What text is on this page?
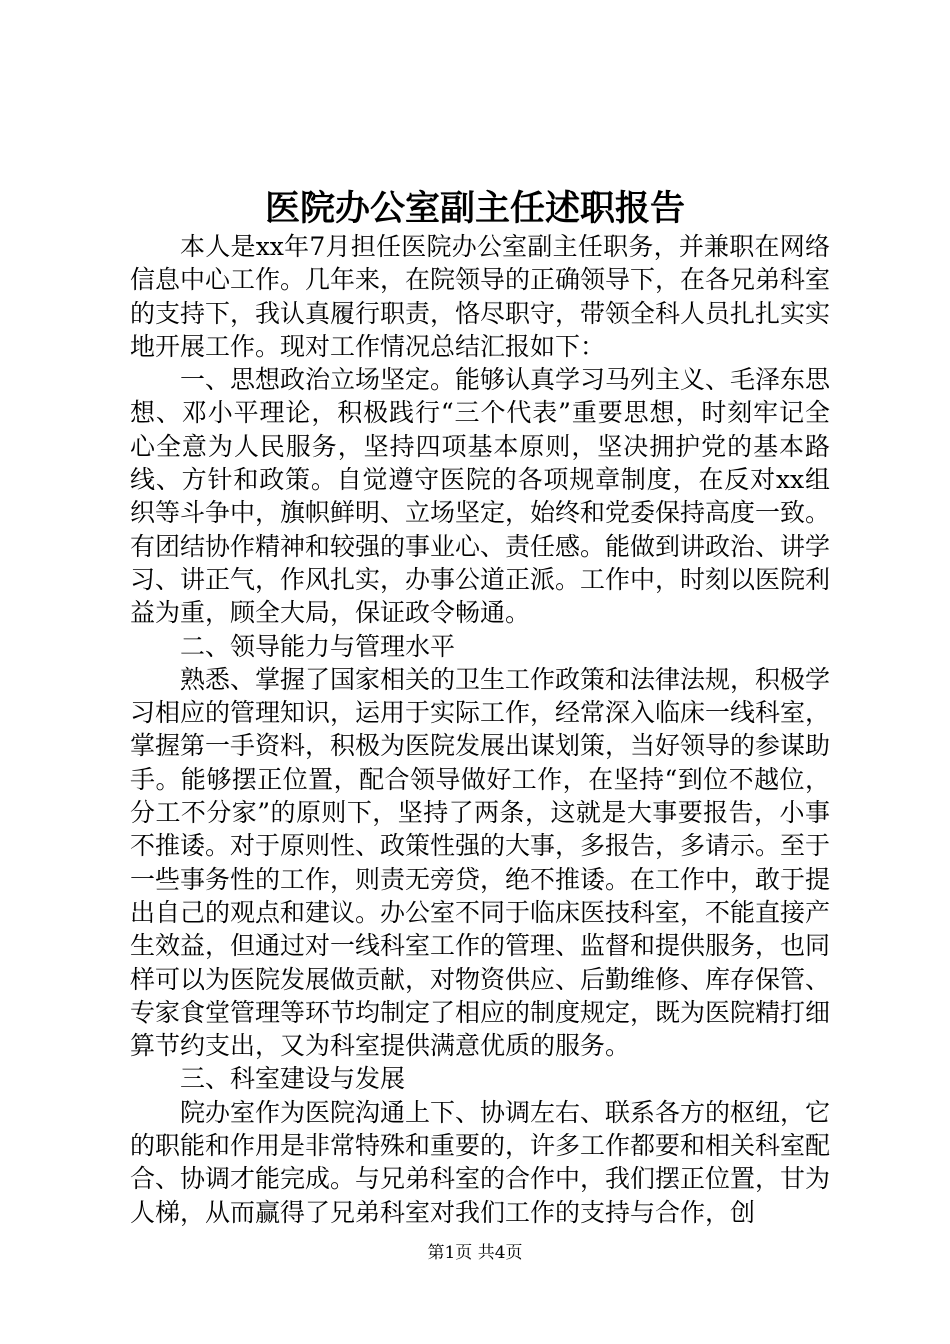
医院办公室副主任述职报告

本人是xx年7月担任医院办公室副主任职务，并兼职在网络信息中心工作。几年来，在院领导的正确领导下，在各兄弟科室的支持下，我认真履行职责，恪尽职守，带领全科人员扎扎实实地开展工作。现对工作情况总结汇报如下：

一、思想政治立场坚定。能够认真学习马列主义、毛泽东思想、邓小平理论，积极践行“三个代表”重要思想，时刻牢记全心全意为人民服务，坚持四项基本原则，坚决拥护党的基本路线、方针和政策。自觉遵守医院的各项规章制度，在反对xx组织等斗争中，旗帜鲜明、立场坚定，始终和党委保持高度一致。有团结协作精神和较强的事业心、责任感。能做到讲政治、讲学习、讲正气，作风扎实，办事公道正派。工作中，时刻以医院利益为重，顾全大局，保证政令畅通。

二、领导能力与管理水平

熟悉、掌握了国家相关的卫生工作政策和法律法规，积极学习相应的管理知识，运用于实际工作，经常深入临床一线科室，掌握第一手资料，积极为医院发展出谋划策，当好领导的参谋助手。能够摆正位置，配合领导做好工作，在坚持“到位不越位，分工不分家”的原则下，坚持了两条，这就是大事要报告，小事不推诿。对于原则性、政策性强的大事，多报告，多请示。至于一些事务性的工作，则责无旁贷，绝不推诿。在工作中，敢于提出自己的观点和建议。办公室不同于临床医技科室，不能直接产生效益，但通过对一线科室工作的管理、监督和提供服务，也同样可以为医院发展做贡献，对物资供应、后勤维修、库存保管、专家食堂管理等环节均制定了相应的制度规定，既为医院精打细算节约支出，又为科室提供满意优质的服务。

三、科室建设与发展

院办室作为医院沟通上下、协调左右、联系各方的枢纽，它的职能和作用是非常特殊和重要的，许多工作都要和相关科室配合、协调才能完成。与兄弟科室的合作中，我们摆正位置，甘为人梯，从而赢得了兄弟科室对我们工作的支持与合作，创

第1页 共4页
